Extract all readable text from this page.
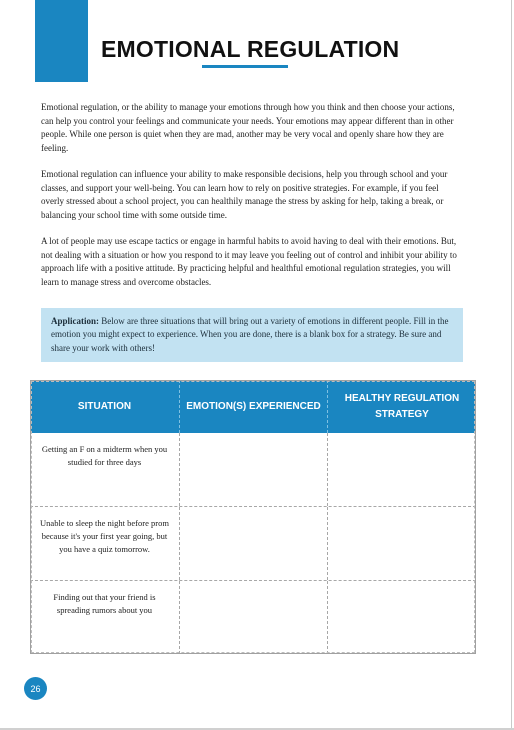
EMOTIONAL REGULATION

Emotional regulation, or the ability to manage your emotions through how you think and then choose your actions, can help you control your feelings and communicate your needs. Your emotions may appear different than in other people. While one person is quiet when they are mad, another may be very vocal and openly share how they are feeling.

Emotional regulation can influence your ability to make responsible decisions, help you through school and your classes, and support your well-being. You can learn how to rely on positive strategies. For example, if you feel overly stressed about a school project, you can healthily manage the stress by asking for help, taking a break, or balancing your school time with some outside time.

A lot of people may use escape tactics or engage in harmful habits to avoid having to deal with their emotions. But, not dealing with a situation or how you respond to it may leave you feeling out of control and inhibit your ability to approach life with a positive attitude. By practicing helpful and healthful emotional regulation strategies, you will learn to manage stress and overcome obstacles.

Application: Below are three situations that will bring out a variety of emotions in different people. Fill in the emotion you might expect to experience. When you are done, there is a blank box for a strategy. Be sure and share your work with others!
SITUATION	EMOTION(S) EXPERIENCED
HEALTHY REGULATION STRATEGY
Getting an F on a midterm when you studied for three days
Unable to sleep the night before prom because it's your first year going, but you have a quiz tomorrow.
Finding out that your friend is spreading rumors about you
26
